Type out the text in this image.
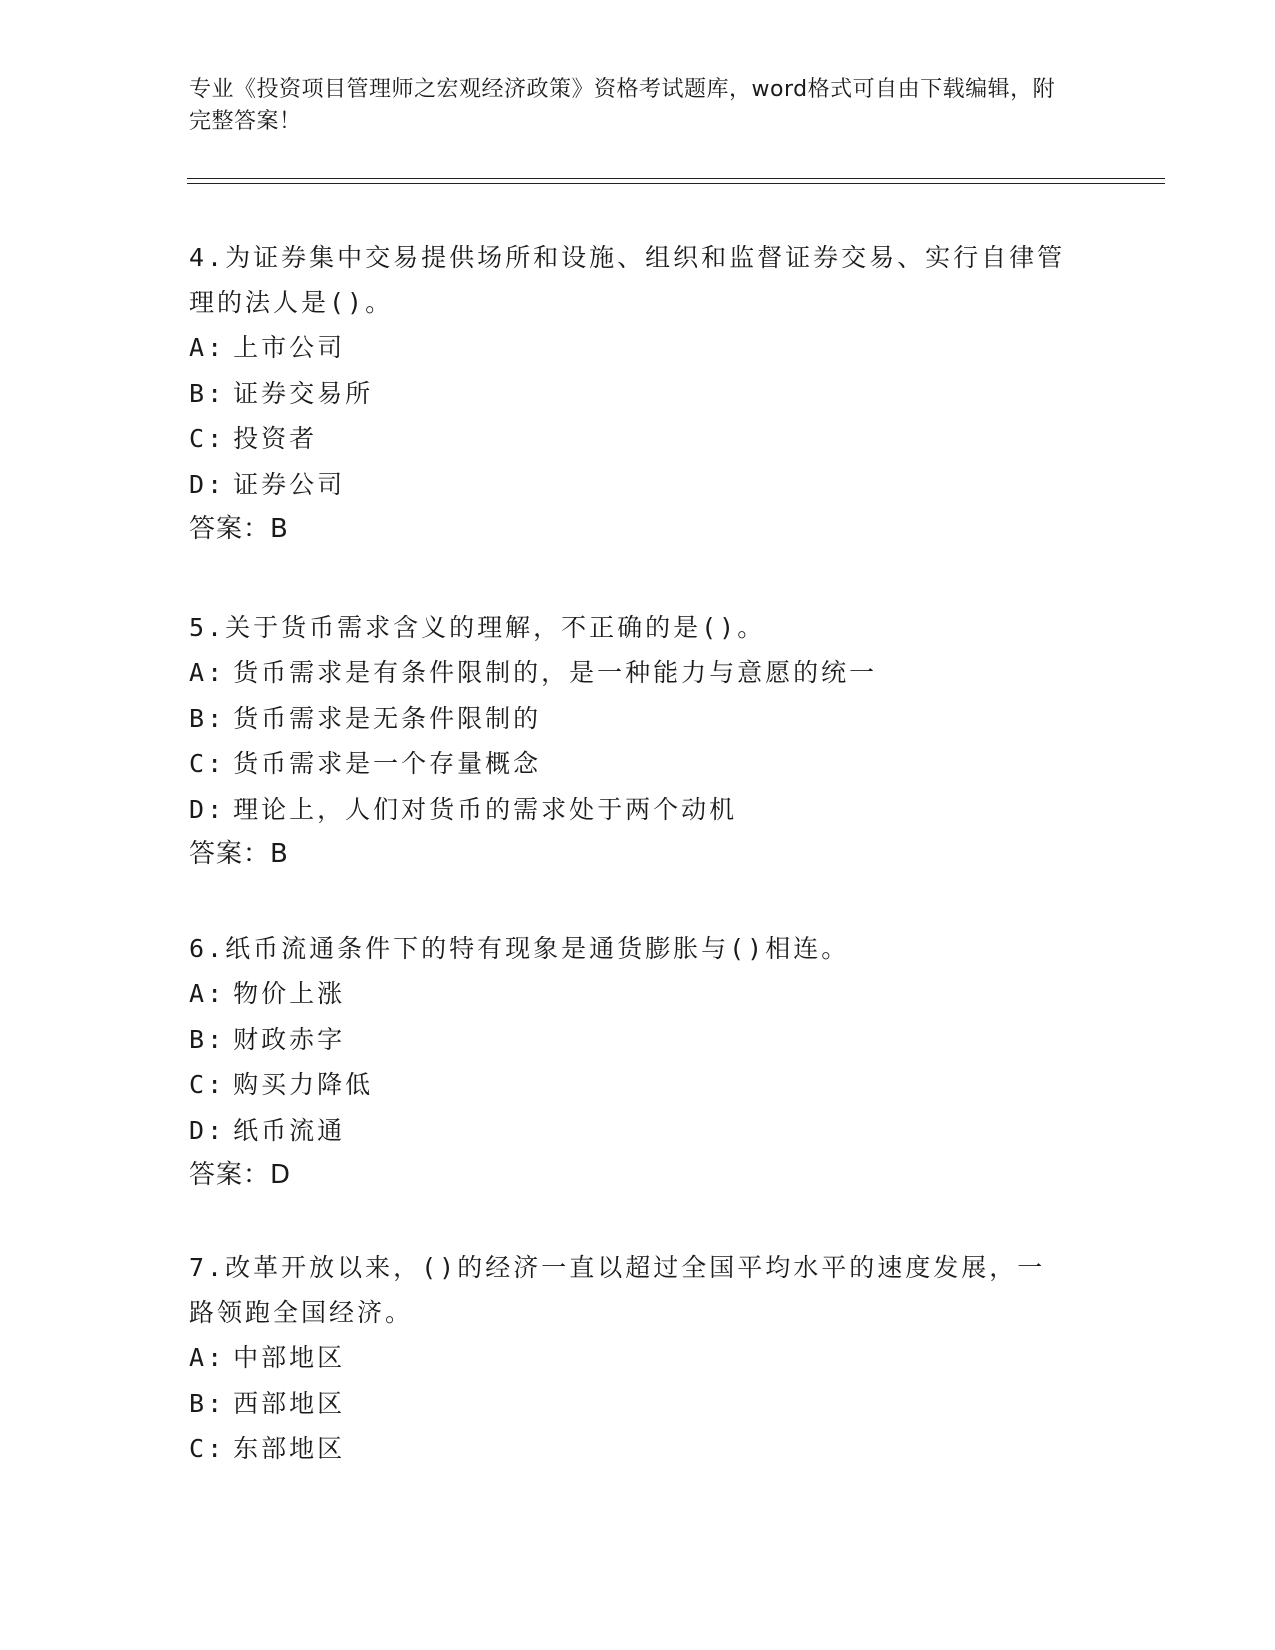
专业《投资项目管理师之宏观经济政策》资格考试题库，word格式可自由下载编辑，附完整答案！

4.为证券集中交易提供场所和设施、组织和监督证券交易、实行自律管理的法人是()。

A: 上市公司

B: 证券交易所

C: 投资者

D: 证券公司

答案：B

5.关于货币需求含义的理解，不正确的是()。

A: 货币需求是有条件限制的，是一种能力与意愿的统一

B: 货币需求是无条件限制的

C: 货币需求是一个存量概念

D: 理论上，人们对货币的需求处于两个动机

答案：B

6.纸币流通条件下的特有现象是通货膨胀与()相连。

A: 物价上涨

B: 财政赤字

C: 购买力降低

D: 纸币流通

答案：D

7.改革开放以来，()的经济一直以超过全国平均水平的速度发展，一路领跑全国经济。

A: 中部地区

B: 西部地区

C: 东部地区
